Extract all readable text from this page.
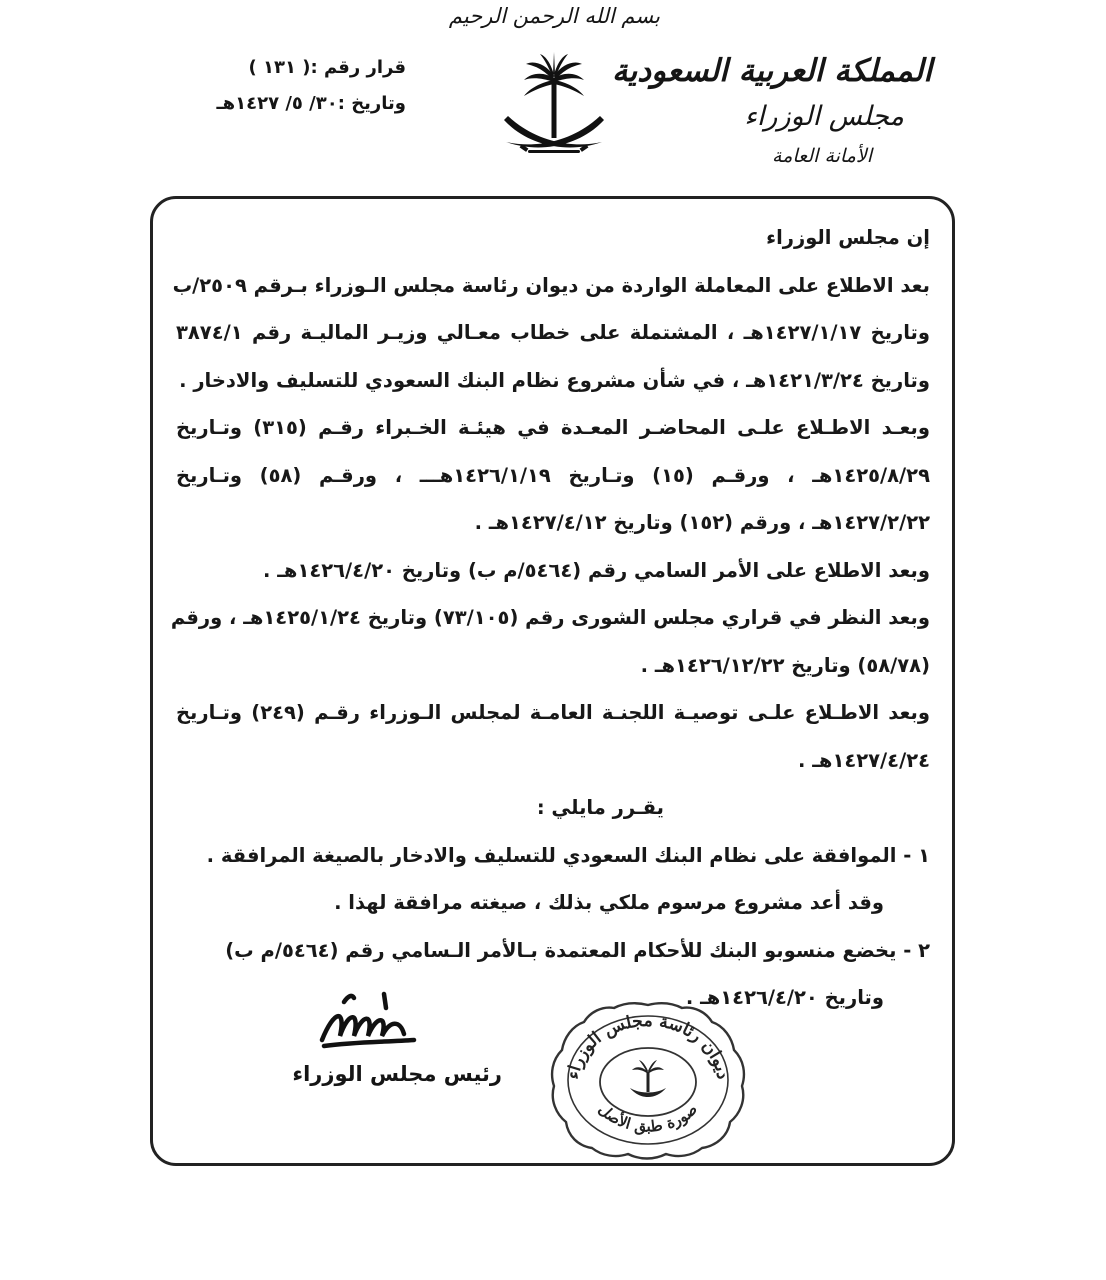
بسم الله الرحمن الرحيم
المملكة العربية السعودية
مجلس الوزراء
الأمانة العامة
قرار رقم :( ١٣١ )
وتاريخ :٣٠/ ٥/ ١٤٢٧هـ
إن مجلس الوزراء
بعد الاطلاع على المعاملة الواردة من ديوان رئاسة مجلس الـوزراء بـرقم ٢٥٠٩/ب
وتاريخ ١٤٢٧/١/١٧هـ ، المشتملة على خطاب معـالي وزيـر الماليـة رقم ٣٨٧٤/١
وتاريخ ١٤٢١/٣/٢٤هـ ، في شأن مشروع نظام البنك السعودي للتسليف والادخار .
وبعـد الاطـلاع علـى المحاضـر المعـدة في هيئـة الخـبراء رقـم (٣١٥) وتـاريخ
١٤٢٥/٨/٢٩هـ ، ورقـم (١٥) وتـاريخ ١٤٢٦/١/١٩هـــ ، ورقـم (٥٨) وتـاريخ
١٤٢٧/٢/٢٢هـ ، ورقم (١٥٢) وتاريخ ١٤٢٧/٤/١٢هـ .
وبعد الاطلاع على الأمر السامي رقم (٥٤٦٤/م ب) وتاريخ ١٤٢٦/٤/٢٠هـ .
وبعد النظر في قراري مجلس الشورى رقم (٧٣/١٠٥) وتاريخ ١٤٢٥/١/٢٤هـ ، ورقم
(٥٨/٧٨) وتاريخ ١٤٢٦/١٢/٢٢هـ .
وبعد الاطـلاع علـى توصيـة اللجنـة العامـة لمجلس الـوزراء رقـم (٢٤٩) وتـاريخ
١٤٢٧/٤/٢٤هـ .
يقـرر مايلي :
١ - الموافقة على نظام البنك السعودي للتسليف والادخار بالصيغة المرافقة .
وقد أعد مشروع مرسوم ملكي بذلك ، صيغته مرافقة لهذا .
٢ - يخضع منسوبو البنك للأحكام المعتمدة بـالأمر الـسامي رقم (٥٤٦٤/م ب)
وتاريخ ١٤٢٦/٤/٢٠هـ .
رئيس مجلس الوزراء	ديوان رئاسة مجلس الوزراء
صورة طبق الأصل
